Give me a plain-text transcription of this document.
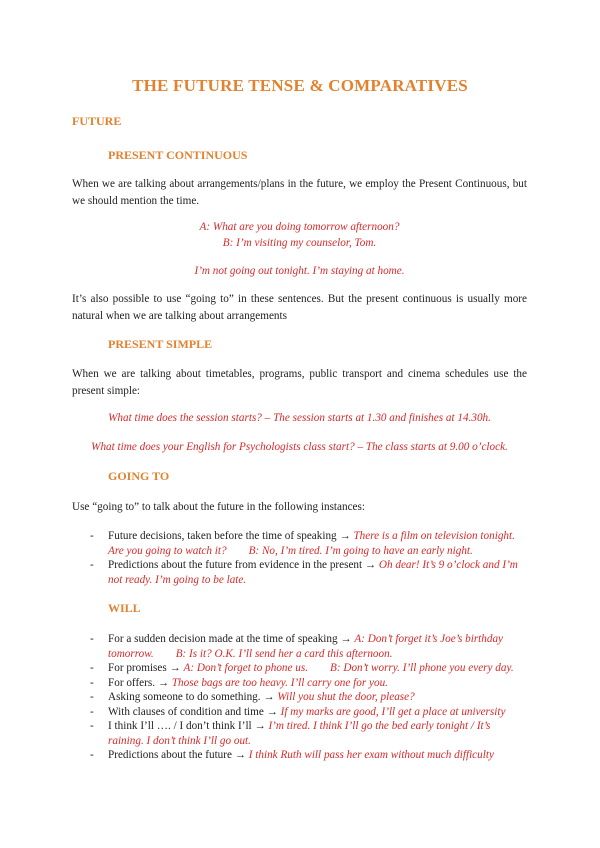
THE FUTURE TENSE & COMPARATIVES
FUTURE
PRESENT CONTINUOUS
When we are talking about arrangements/plans in the future, we employ the Present Continuous, but we should mention the time.
A: What are you doing tomorrow afternoon?
B: I’m visiting my counselor, Tom.
I’m not going out tonight. I’m staying at home.
It’s also possible to use “going to” in these sentences. But the present continuous is usually more natural when we are talking about arrangements
PRESENT SIMPLE
When we are talking about timetables, programs, public transport and cinema schedules use the present simple:
What time does the session starts? – The session starts at 1.30 and finishes at 14.30h.
What time does your English for Psychologists class start? – The class starts at 9.00 o’clock.
GOING TO
Use “going to” to talk about the future in the following instances:
- Future decisions, taken before the time of speaking → There is a film on television tonight. Are you going to watch it? B: No, I’m tired. I’m going to have an early night.
- Predictions about the future from evidence in the present → Oh dear! It’s 9 o’clock and I’m not ready. I’m going to be late.
WILL
- For a sudden decision made at the time of speaking → A: Don’t forget it’s Joe’s birthday tomorrow. B: Is it? O.K. I’ll send her a card this afternoon.
- For promises → A: Don’t forget to phone us. B: Don’t worry. I’ll phone you every day.
- For offers. → Those bags are too heavy. I’ll carry one for you.
- Asking someone to do something. → Will you shut the door, please?
- With clauses of condition and time → If my marks are good, I’ll get a place at university
- I think I’ll …. / I don’t think I’ll → I’m tired. I think I’ll go the bed early tonight / It’s raining. I don’t think I’ll go out.
- Predictions about the future → I think Ruth will pass her exam without much difficulty
